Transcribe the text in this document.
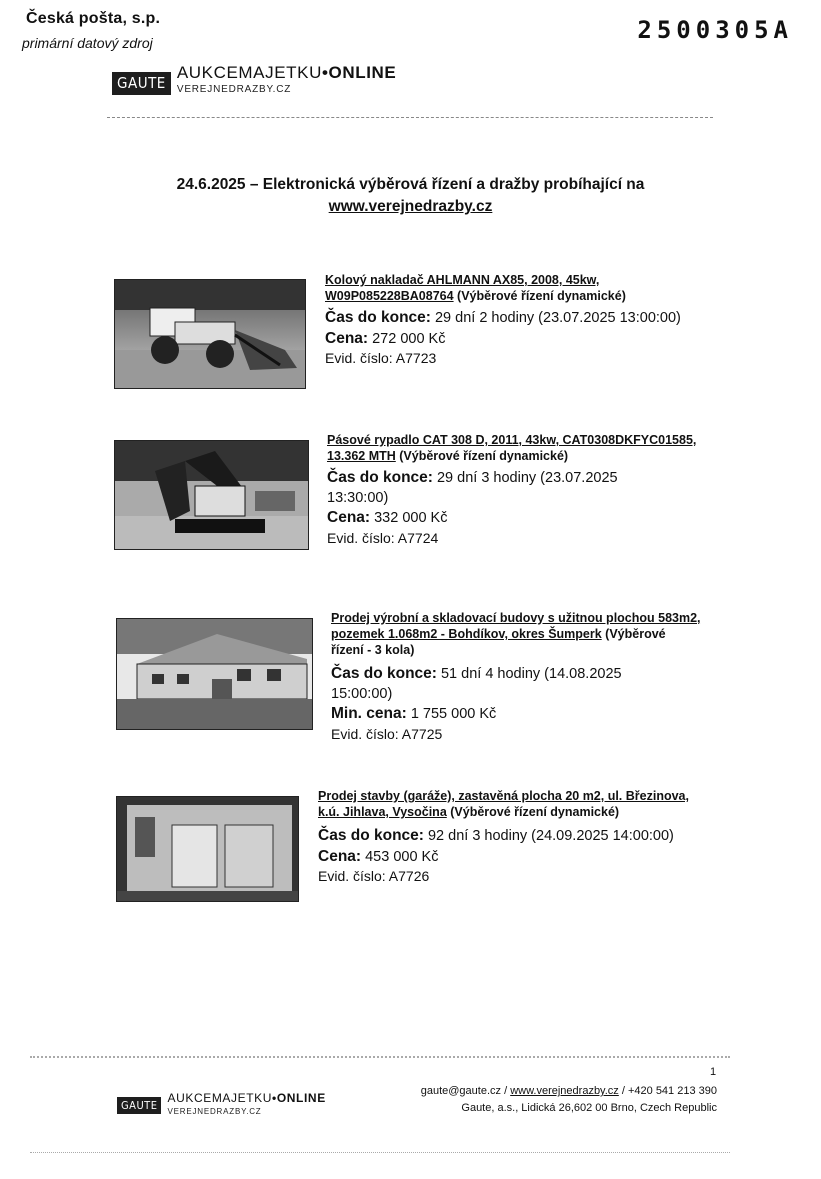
Česká pošta, s.p.
primární datový zdroj	2500305A
GAUTE
AUKCEMAJETKU•ONLINE
VEREJNEDRAZBY.CZ
24.6.2025 – Elektronická výběrová řízení a dražby probíhající na
www.verejnedrazby.cz
Kolový nakladač AHLMANN AX85, 2008, 45kw, W09P085228BA08764 (Výběrové řízení dynamické)
Čas do konce: 29 dní 2 hodiny (23.07.2025 13:00:00)
Cena: 272 000 Kč
Evid. číslo: A7723
Pásové rypadlo CAT 308 D, 2011, 43kw, CAT0308DKFYC01585, 13.362 MTH (Výběrové řízení dynamické)
Čas do konce: 29 dní 3 hodiny (23.07.2025 13:30:00)
Cena: 332 000 Kč
Evid. číslo: A7724
Prodej výrobní a skladovací budovy s užitnou plochou 583m2, pozemek 1.068m2 - Bohdíkov, okres Šumperk (Výběrové řízení - 3 kola)
Čas do konce: 51 dní 4 hodiny (14.08.2025 15:00:00)
Min. cena: 1 755 000 Kč
Evid. číslo: A7725
Prodej stavby (garáže), zastavěná plocha 20 m2, ul. Březinova, k.ú. Jihlava, Vysočina (Výběrové řízení dynamické)
Čas do konce: 92 dní 3 hodiny (24.09.2025 14:00:00)
Cena: 453 000 Kč
Evid. číslo: A7726
1
GAUTE
AUKCEMAJETKU•ONLINE
VEREJNEDRAZBY.CZ
gaute@gaute.cz / www.verejnedrazby.cz / +420 541 213 390
Gaute, a.s., Lidická 26,602 00 Brno, Czech Republic
